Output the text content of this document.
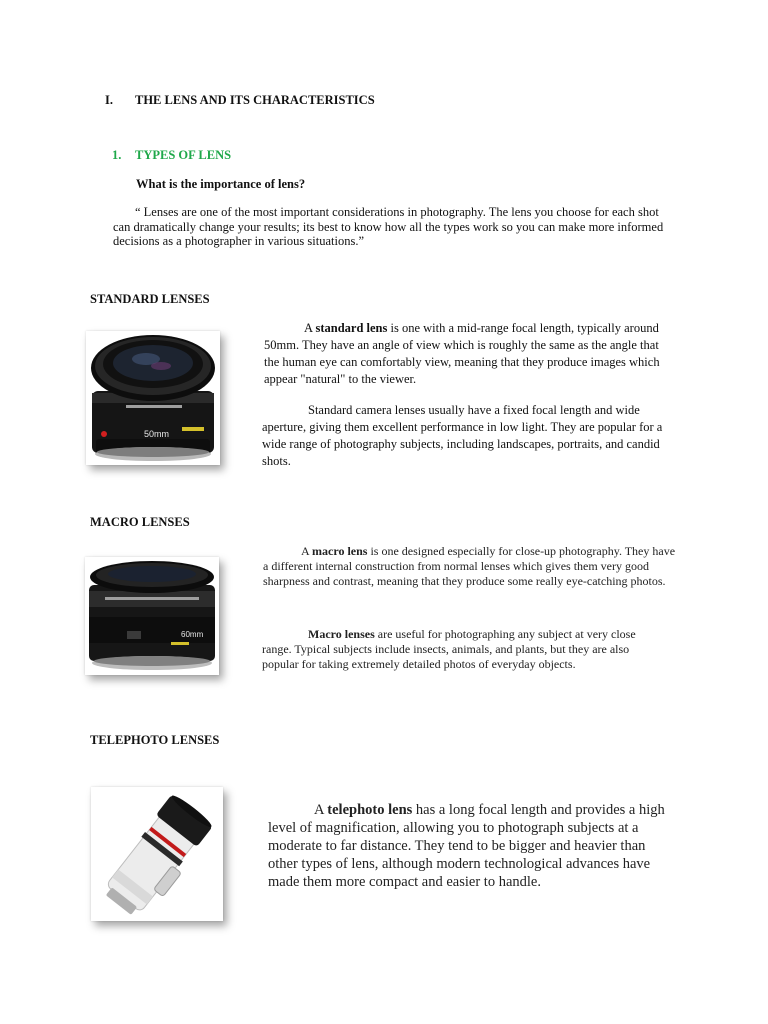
I. THE LENS AND ITS CHARACTERISTICS
1. TYPES OF LENS
What is the importance of lens?
“ Lenses are one of the most important considerations in photography. The lens you choose for each shot can dramatically change your results; its best to know how all the types work so you can make more informed decisions as a photographer in various situations.”
STANDARD LENSES
50mm
A standard lens is one with a mid-range focal length, typically around 50mm. They have an angle of view which is roughly the same as the angle that the human eye can comfortably view, meaning that they produce images which appear "natural" to the viewer.
Standard camera lenses usually have a fixed focal length and wide aperture, giving them excellent performance in low light. They are popular for a wide range of photography subjects, including landscapes, portraits, and candid shots.
MACRO LENSES
60mm
A macro lens is one designed especially for close-up photography. They have a different internal construction from normal lenses which gives them very good sharpness and contrast, meaning that they produce some really eye-catching photos.
Macro lenses are useful for photographing any subject at very close range. Typical subjects include insects, animals, and plants, but they are also popular for taking extremely detailed photos of everyday objects.
TELEPHOTO LENSES
A telephoto lens has a long focal length and provides a high level of magnification, allowing you to photograph subjects at a moderate to far distance. They tend to be bigger and heavier than other types of lens, although modern technological advances have made them more compact and easier to handle.
